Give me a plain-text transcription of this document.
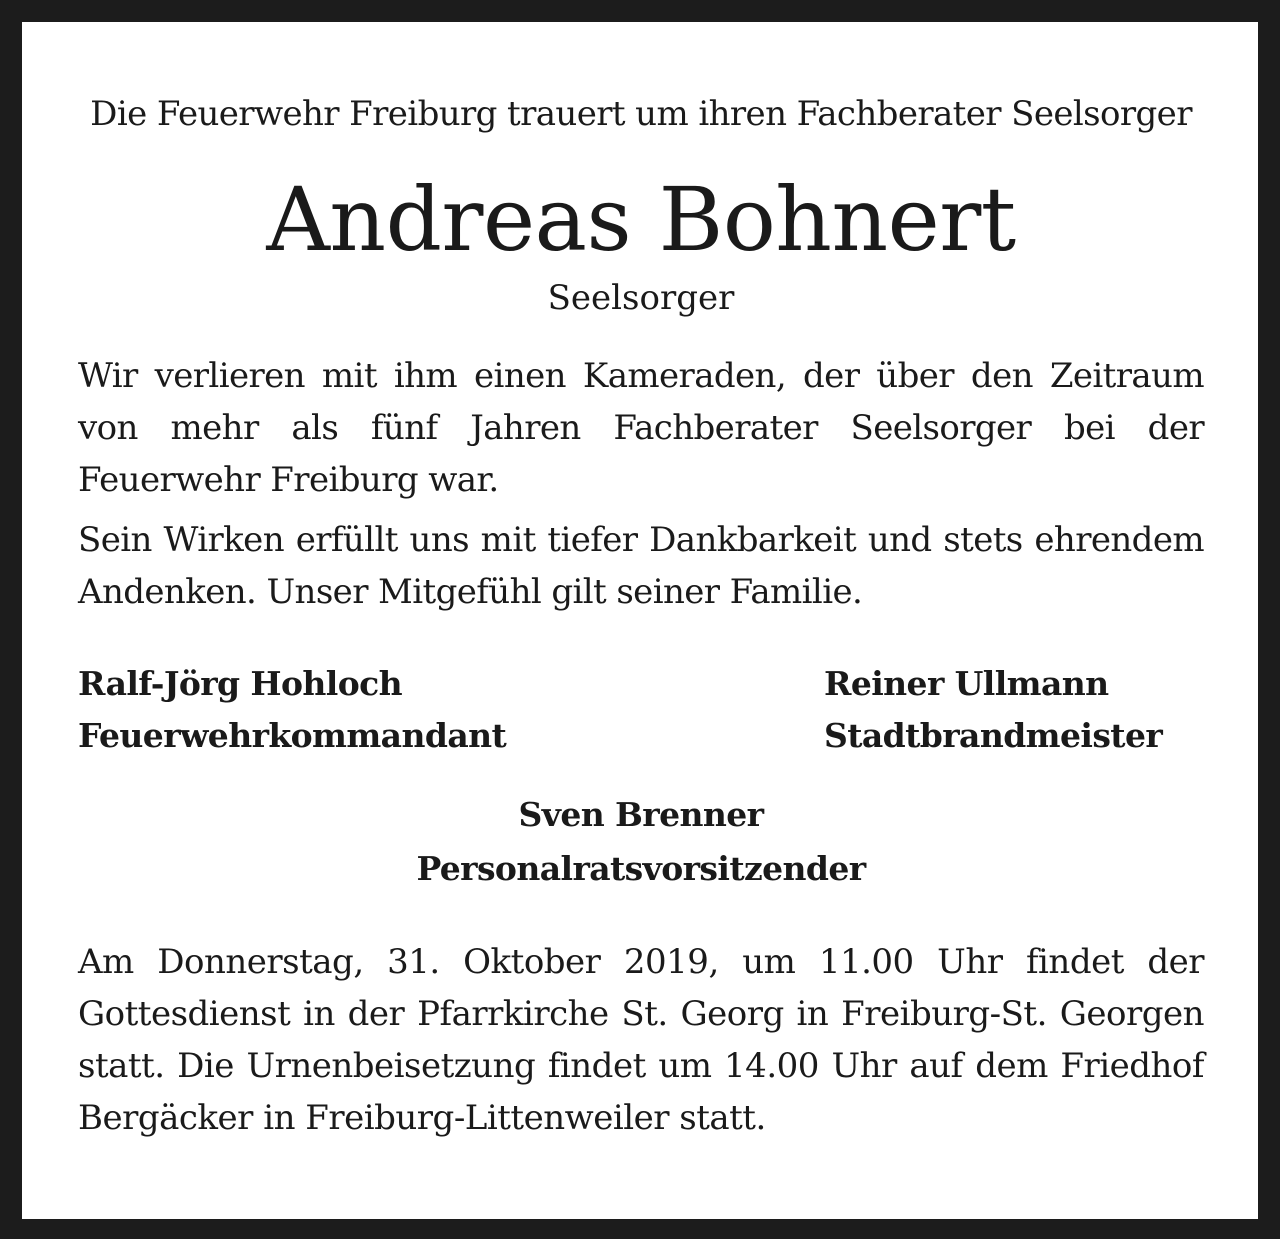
Die Feuerwehr Freiburg trauert um ihren Fachberater Seelsorger
Andreas Bohnert
Seelsorger

Wir verlieren mit ihm einen Kameraden, der über den Zeitraum von mehr als fünf Jahren Fachberater Seelsorger bei der Feuerwehr Freiburg war.

Sein Wirken erfüllt uns mit tiefer Dankbarkeit und stets ehrendem Andenken. Unser Mitgefühl gilt seiner Familie.

Ralf-Jörg Hohloch
Feuerwehrkommandant
Reiner Ullmann
Stadtbrandmeister
Sven Brenner
Personalratsvorsitzender

Am Donnerstag, 31. Oktober 2019, um 11.00 Uhr findet der Gottesdienst in der Pfarrkirche St. Georg in Freiburg-St. Georgen statt. Die Urnenbeisetzung findet um 14.00 Uhr auf dem Friedhof Bergäcker in Freiburg-Littenweiler statt.
